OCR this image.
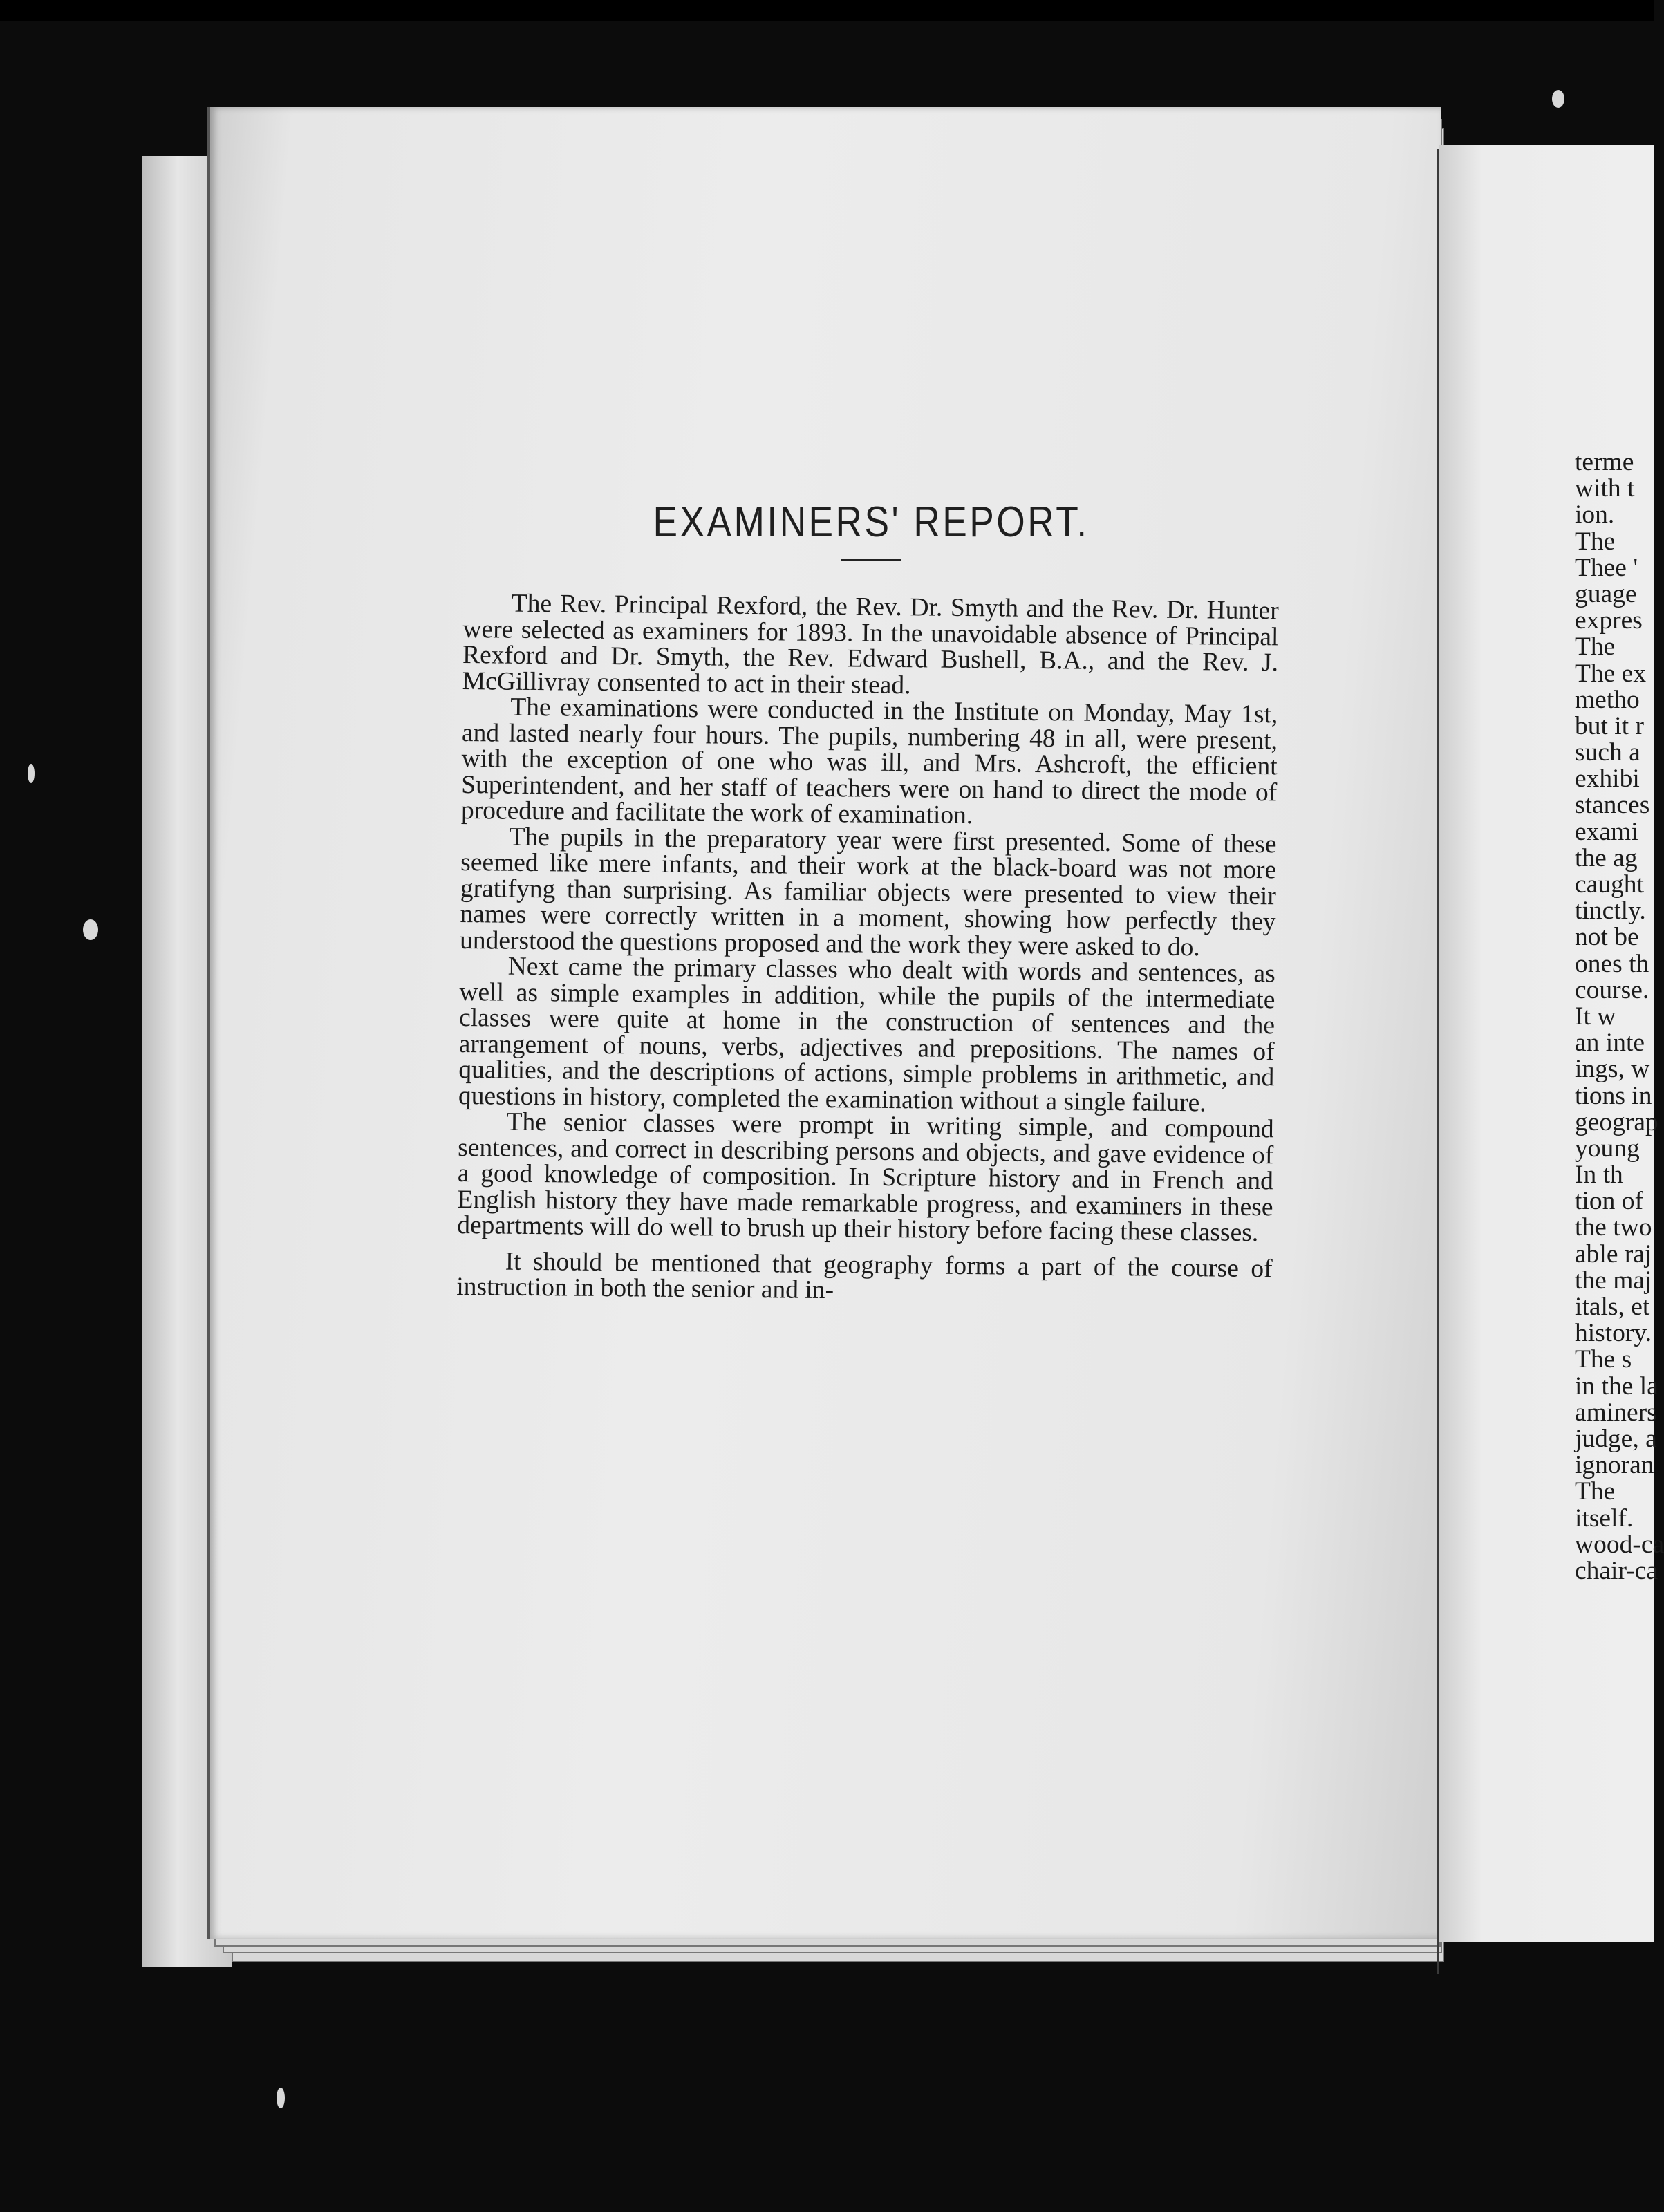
EXAMINERS' REPORT.

The Rev. Principal Rexford, the Rev. Dr. Smyth and the Rev. Dr. Hunter were selected as examiners for 1893. In the unavoidable absence of Principal Rexford and Dr. Smyth, the Rev. Edward Bushell, B.A., and the Rev. J. McGillivray consented to act in their stead.

The examinations were conducted in the Institute on Monday, May 1st, and lasted nearly four hours. The pupils, numbering 48 in all, were present, with the exception of one who was ill, and Mrs. Ashcroft, the efficient Superintendent, and her staff of teachers were on hand to direct the mode of procedure and facilitate the work of examination.

The pupils in the preparatory year were first presented. Some of these seemed like mere infants, and their work at the black-board was not more gratifyng than surprising. As familiar objects were presented to view their names were correctly written in a moment, showing how perfectly they understood the questions proposed and the work they were asked to do.

Next came the primary classes who dealt with words and sentences, as well as simple examples in addition, while the pupils of the intermediate classes were quite at home in the construction of sentences and the arrangement of nouns, verbs, adjectives and prepositions. The names of qualities, and the descriptions of actions, simple problems in arithmetic, and questions in history, completed the examination without a single failure.

The senior classes were prompt in writing simple, and compound sentences, and correct in describing persons and objects, and gave evidence of a good knowledge of composition. In Scripture history and in French and English history they have made remarkable progress, and examiners in these departments will do well to brush up their history before facing these classes.

It should be mentioned that geography forms a part of the course of instruction in both the senior and in-

terme
with t
ion.
The
Thee '
guage
expres
The
The ex
metho
but it r
such a
exhibi
stances
exami
the ag
caught
tinctly.
not be
ones th
course.
It w
an inte
ings, w
tions in
geograp
young
In th
tion of
the two
able raj
the maj
itals, et
history.
The s
in the la
aminers
judge, a
ignoran
The
itself.
wood-ca
chair-ca
